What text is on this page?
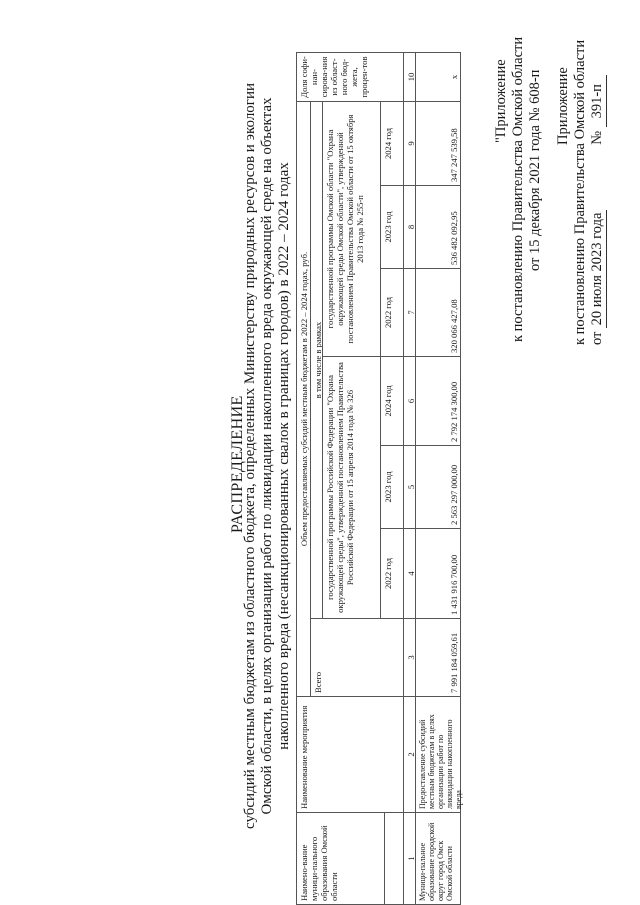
Приложение к постановлению Правительства Омской области от 20 июля 2023 года  № 391-п
"Приложение к постановлению Правительства Омской области от 15 декабря 2021 года № 608-п
РАСПРЕДЕЛЕНИЕ
субсидий местным бюджетам из областного бюджета, определенных Министерству природных ресурсов и экологии Омской области, в целях организации работ по ликвидации накопленного вреда окружающей среде на объектах накопленного вреда (несанкционированных свалок в границах городов) в 2022 – 2024 годах
Наимено-вание муници-пального образования Омской области
Наименование мероприятия
Объем предоставляемых субсидий местным бюджетам в 2022 – 2024 годах, руб.
Всего
в том числе в рамках
государственной программы Российской Федерации "Охрана окружающей среды", утвержденной постановлением Правительства Российской Федерации от 15 апреля 2014 года № 326
государственной программы Омской области "Охрана окружающей среды Омской области", утвержденной постановлением Правительства Омской области от 15 октября 2013 года № 255-п
2022 год
2023 год
2024 год
2022 год
2023 год
2024 год
Доля софи-нан-сирова-ния из област-ного бюд-жета, процен-тов
1
2
3
4
5
6
7
8
9
10
Муници-пальное образование городской округ город Омск Омской области
Предоставление субсидий местным бюджетам в целях организации работ по ликвидации накопленного вреда
7 991 184 059,61
1 431 916 700,00
2 563 297 000,00
2 792 174 300,00
320 066 427,08
536 482 092,95
347 247 539,58
x
